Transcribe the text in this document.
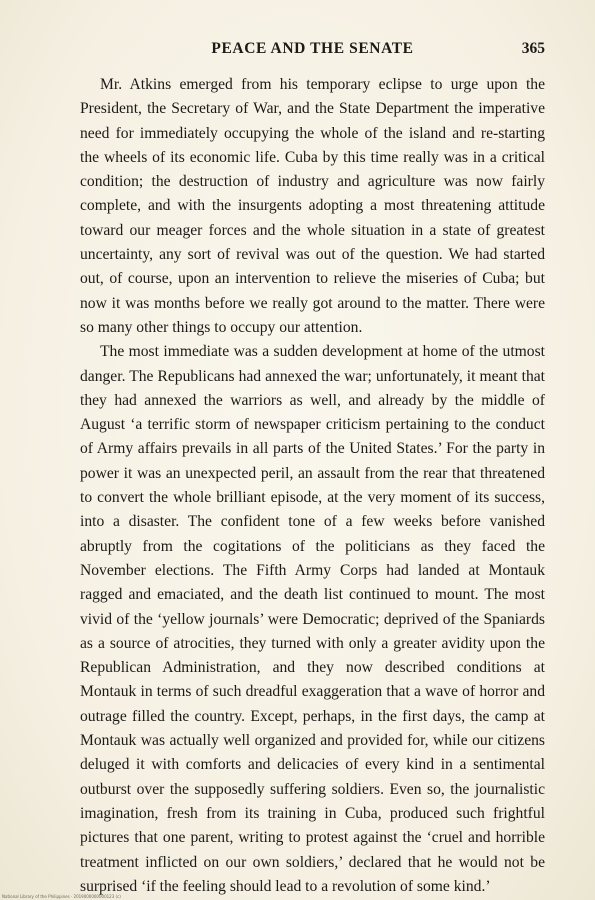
PEACE AND THE SENATE	365

Mr. Atkins emerged from his temporary eclipse to urge upon the President, the Secretary of War, and the State Department the imperative need for immediately occupying the whole of the island and re-starting the wheels of its economic life. Cuba by this time really was in a critical condition; the destruction of industry and agriculture was now fairly complete, and with the insurgents adopting a most threatening attitude toward our meager forces and the whole situation in a state of greatest uncertainty, any sort of revival was out of the question. We had started out, of course, upon an intervention to relieve the miseries of Cuba; but now it was months before we really got around to the matter. There were so many other things to occupy our attention.

The most immediate was a sudden development at home of the utmost danger. The Republicans had annexed the war; unfortunately, it meant that they had annexed the warriors as well, and already by the middle of August ‘a terrific storm of newspaper criticism pertaining to the conduct of Army affairs prevails in all parts of the United States.’ For the party in power it was an unexpected peril, an assault from the rear that threatened to convert the whole brilliant episode, at the very moment of its success, into a disaster. The confident tone of a few weeks before vanished abruptly from the cogitations of the politicians as they faced the November elections. The Fifth Army Corps had landed at Montauk ragged and emaciated, and the death list continued to mount. The most vivid of the ‘yellow journals’ were Democratic; deprived of the Spaniards as a source of atrocities, they turned with only a greater avidity upon the Republican Administration, and they now described conditions at Montauk in terms of such dreadful exaggeration that a wave of horror and outrage filled the country. Except, perhaps, in the first days, the camp at Montauk was actually well organized and provided for, while our citizens deluged it with comforts and delicacies of every kind in a sentimental outburst over the supposedly suffering soldiers. Even so, the journalistic imagination, fresh from its training in Cuba, produced such frightful pictures that one parent, writing to protest against the ‘cruel and horrible treatment inflicted on our own soldiers,’ declared that he would not be surprised ‘if the feeling should lead to a revolution of some kind.’

National Library of the Philippines · 2019000000000123 (c)
